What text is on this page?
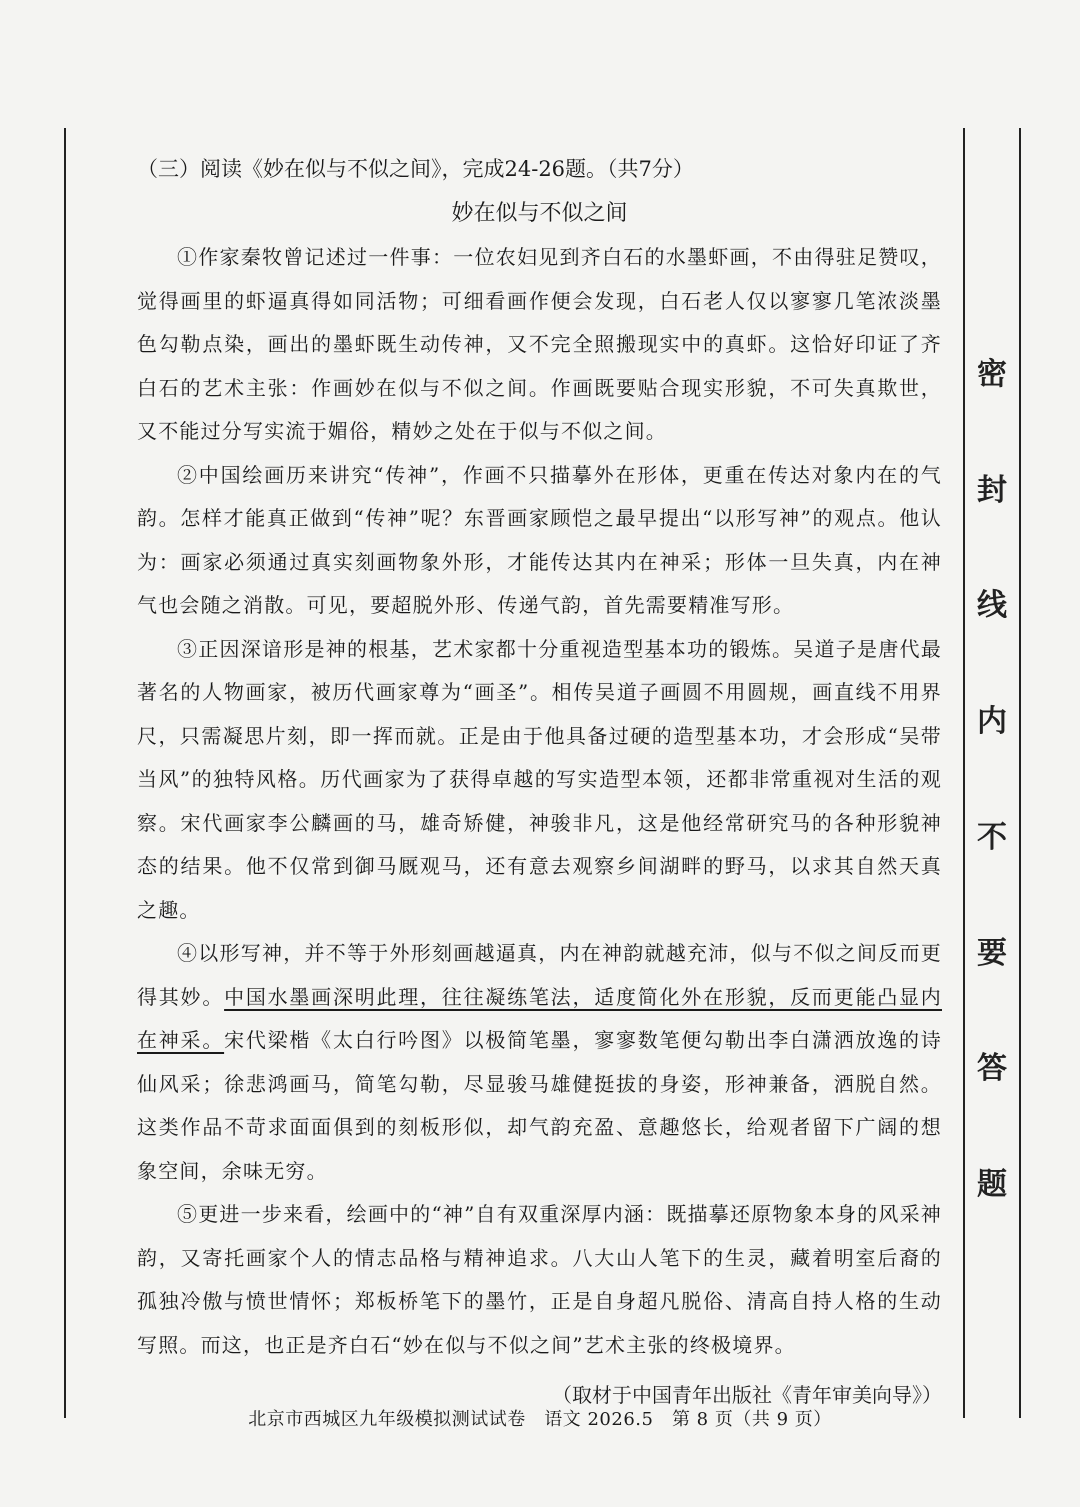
密
封
线
内
不
要
答
题

（三）阅读《妙在似与不似之间》，完成24-26题。（共7分）

妙在似与不似之间

①作家秦牧曾记述过一件事：一位农妇见到齐白石的水墨虾画，不由得驻足赞叹，觉得画里的虾逼真得如同活物；可细看画作便会发现，白石老人仅以寥寥几笔浓淡墨色勾勒点染，画出的墨虾既生动传神，又不完全照搬现实中的真虾。这恰好印证了齐白石的艺术主张：作画妙在似与不似之间。作画既要贴合现实形貌，不可失真欺世，又不能过分写实流于媚俗，精妙之处在于似与不似之间。

②中国绘画历来讲究“传神”，作画不只描摹外在形体，更重在传达对象内在的气韵。怎样才能真正做到“传神”呢？东晋画家顾恺之最早提出“以形写神”的观点。他认为：画家必须通过真实刻画物象外形，才能传达其内在神采；形体一旦失真，内在神气也会随之消散。可见，要超脱外形、传递气韵，首先需要精准写形。

③正因深谙形是神的根基，艺术家都十分重视造型基本功的锻炼。吴道子是唐代最著名的人物画家，被历代画家尊为“画圣”。相传吴道子画圆不用圆规，画直线不用界尺，只需凝思片刻，即一挥而就。正是由于他具备过硬的造型基本功，才会形成“吴带当风”的独特风格。历代画家为了获得卓越的写实造型本领，还都非常重视对生活的观察。宋代画家李公麟画的马，雄奇矫健，神骏非凡，这是他经常研究马的各种形貌神态的结果。他不仅常到御马厩观马，还有意去观察乡间湖畔的野马，以求其自然天真之趣。

④以形写神，并不等于外形刻画越逼真，内在神韵就越充沛，似与不似之间反而更得其妙。中国水墨画深明此理，往往凝练笔法，适度简化外在形貌，反而更能凸显内在神采。宋代梁楷《太白行吟图》以极简笔墨，寥寥数笔便勾勒出李白潇洒放逸的诗仙风采；徐悲鸿画马，简笔勾勒，尽显骏马雄健挺拔的身姿，形神兼备，洒脱自然。这类作品不苛求面面俱到的刻板形似，却气韵充盈、意趣悠长，给观者留下广阔的想象空间，余味无穷。

⑤更进一步来看，绘画中的“神”自有双重深厚内涵：既描摹还原物象本身的风采神韵，又寄托画家个人的情志品格与精神追求。八大山人笔下的生灵，藏着明室后裔的孤独冷傲与愤世情怀；郑板桥笔下的墨竹，正是自身超凡脱俗、清高自持人格的生动写照。而这，也正是齐白石“妙在似与不似之间”艺术主张的终极境界。

（取材于中国青年出版社《青年审美向导》）

北京市西城区九年级模拟测试试卷　语文 2026.5　第 8 页（共 9 页）
